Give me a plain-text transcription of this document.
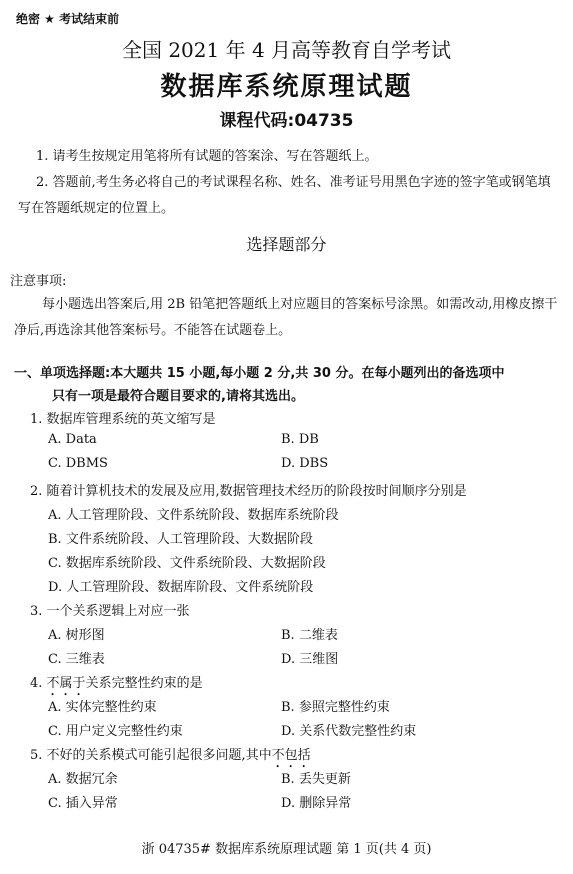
绝密 ★ 考试结束前
全国 2021 年 4 月高等教育自学考试
数据库系统原理试题
课程代码:04735
1. 请考生按规定用笔将所有试题的答案涂、写在答题纸上。
2. 答题前,考生务必将自己的考试课程名称、姓名、准考证号用黑色字迹的签字笔或钢笔填写在答题纸规定的位置上。
选择题部分
注意事项:
每小题选出答案后,用 2B 铅笔把答题纸上对应题目的答案标号涂黑。如需改动,用橡皮擦干净后,再选涂其他答案标号。不能答在试题卷上。
一、单项选择题:本大题共 15 小题,每小题 2 分,共 30 分。在每小题列出的备选项中
只有一项是最符合题目要求的,请将其选出。
1. 数据库管理系统的英文缩写是
A. Data	B. DB
C. DBMS	D. DBS
2. 随着计算机技术的发展及应用,数据管理技术经历的阶段按时间顺序分别是
A. 人工管理阶段、文件系统阶段、数据库系统阶段
B. 文件系统阶段、人工管理阶段、大数据阶段
C. 数据库系统阶段、文件系统阶段、大数据阶段
D. 人工管理阶段、数据库阶段、文件系统阶段
3. 一个关系逻辑上对应一张
A. 树形图	B. 二维表
C. 三维表	D. 三维图
4. 不属于关系完整性约束的是
A. 实体完整性约束	B. 参照完整性约束
C. 用户定义完整性约束	D. 关系代数完整性约束
5. 不好的关系模式可能引起很多问题,其中不包括
A. 数据冗余	B. 丢失更新
C. 插入异常	D. 删除异常
浙 04735# 数据库系统原理试题 第 1 页(共 4 页)
